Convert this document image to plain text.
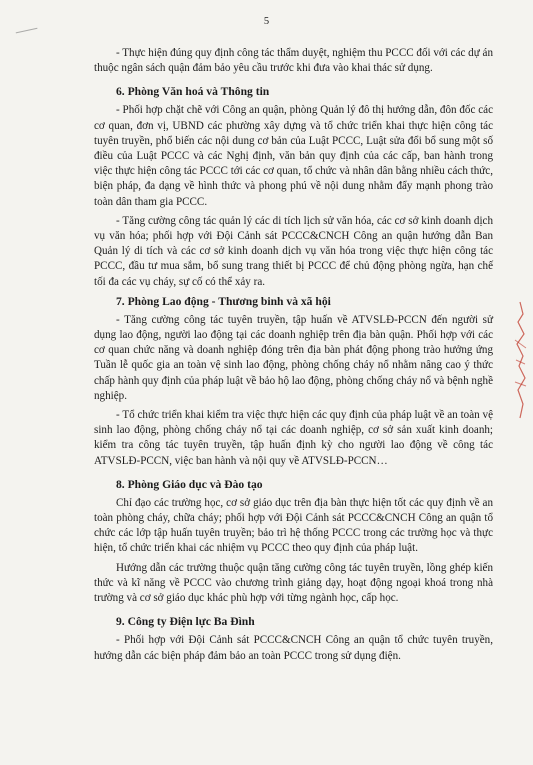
5

- Thực hiện đúng quy định công tác thẩm duyệt, nghiệm thu PCCC đối với các dự án thuộc ngân sách quận đảm bảo yêu cầu trước khi đưa vào khai thác sử dụng.

6. Phòng Văn hoá và Thông tin

- Phối hợp chặt chẽ với Công an quận, phòng Quản lý đô thị hướng dẫn, đôn đốc các cơ quan, đơn vị, UBND các phường xây dựng và tổ chức triển khai thực hiện công tác tuyên truyền, phổ biến các nội dung cơ bản của Luật PCCC, Luật sửa đổi bổ sung một số điều của Luật PCCC và các Nghị định, văn bản quy định của các cấp, ban hành trong việc thực hiện công tác PCCC tới các cơ quan, tổ chức và nhân dân bằng nhiều cách thức, biện pháp, đa dạng về hình thức và phong phú về nội dung nhằm đẩy mạnh phong trào toàn dân tham gia PCCC.

- Tăng cường công tác quản lý các di tích lịch sử văn hóa, các cơ sở kinh doanh dịch vụ văn hóa; phối hợp với Đội Cảnh sát PCCC&CNCH Công an quận hướng dẫn Ban Quản lý di tích và các cơ sở kinh doanh dịch vụ văn hóa trong việc thực hiện công tác PCCC, đầu tư mua sắm, bổ sung trang thiết bị PCCC để chủ động phòng ngừa, hạn chế tối đa các vụ cháy, sự cố có thể xảy ra.

7. Phòng Lao động - Thương binh và xã hội

- Tăng cường công tác tuyên truyền, tập huấn về ATVSLĐ-PCCN đến người sử dụng lao động, người lao động tại các doanh nghiệp trên địa bàn quận. Phối hợp với các cơ quan chức năng và doanh nghiệp đóng trên địa bàn phát động phong trào hưởng ứng Tuần lễ quốc gia an toàn vệ sinh lao động, phòng chống cháy nổ nhằm nâng cao ý thức chấp hành quy định của pháp luật về bảo hộ lao động, phòng chống cháy nổ và bệnh nghề nghiệp.

- Tổ chức triển khai kiểm tra việc thực hiện các quy định của pháp luật về an toàn vệ sinh lao động, phòng chống cháy nổ tại các doanh nghiệp, cơ sở sản xuất kinh doanh; kiểm tra công tác tuyên truyền, tập huấn định kỳ cho người lao động về công tác ATVSLĐ-PCCN, việc ban hành và nội quy về ATVSLĐ-PCCN…

8. Phòng Giáo dục và Đào tạo

Chỉ đạo các trường học, cơ sở giáo dục trên địa bàn thực hiện tốt các quy định về an toàn phòng cháy, chữa cháy; phối hợp với Đội Cảnh sát PCCC&CNCH Công an quận tổ chức các lớp tập huấn tuyên truyền; bảo trì hệ thống PCCC trong các trường học và thực hiện, tổ chức triển khai các nhiệm vụ PCCC theo quy định của pháp luật.

Hướng dẫn các trường thuộc quận tăng cường công tác tuyên truyền, lồng ghép kiến thức và kĩ năng về PCCC vào chương trình giảng dạy, hoạt động ngoại khoá trong nhà trường và cơ sở giáo dục khác phù hợp với từng ngành học, cấp học.

9. Công ty Điện lực Ba Đình

- Phối hợp với Đội Cảnh sát PCCC&CNCH Công an quận tổ chức tuyên truyền, hướng dẫn các biện pháp đảm bảo an toàn PCCC trong sử dụng điện.
